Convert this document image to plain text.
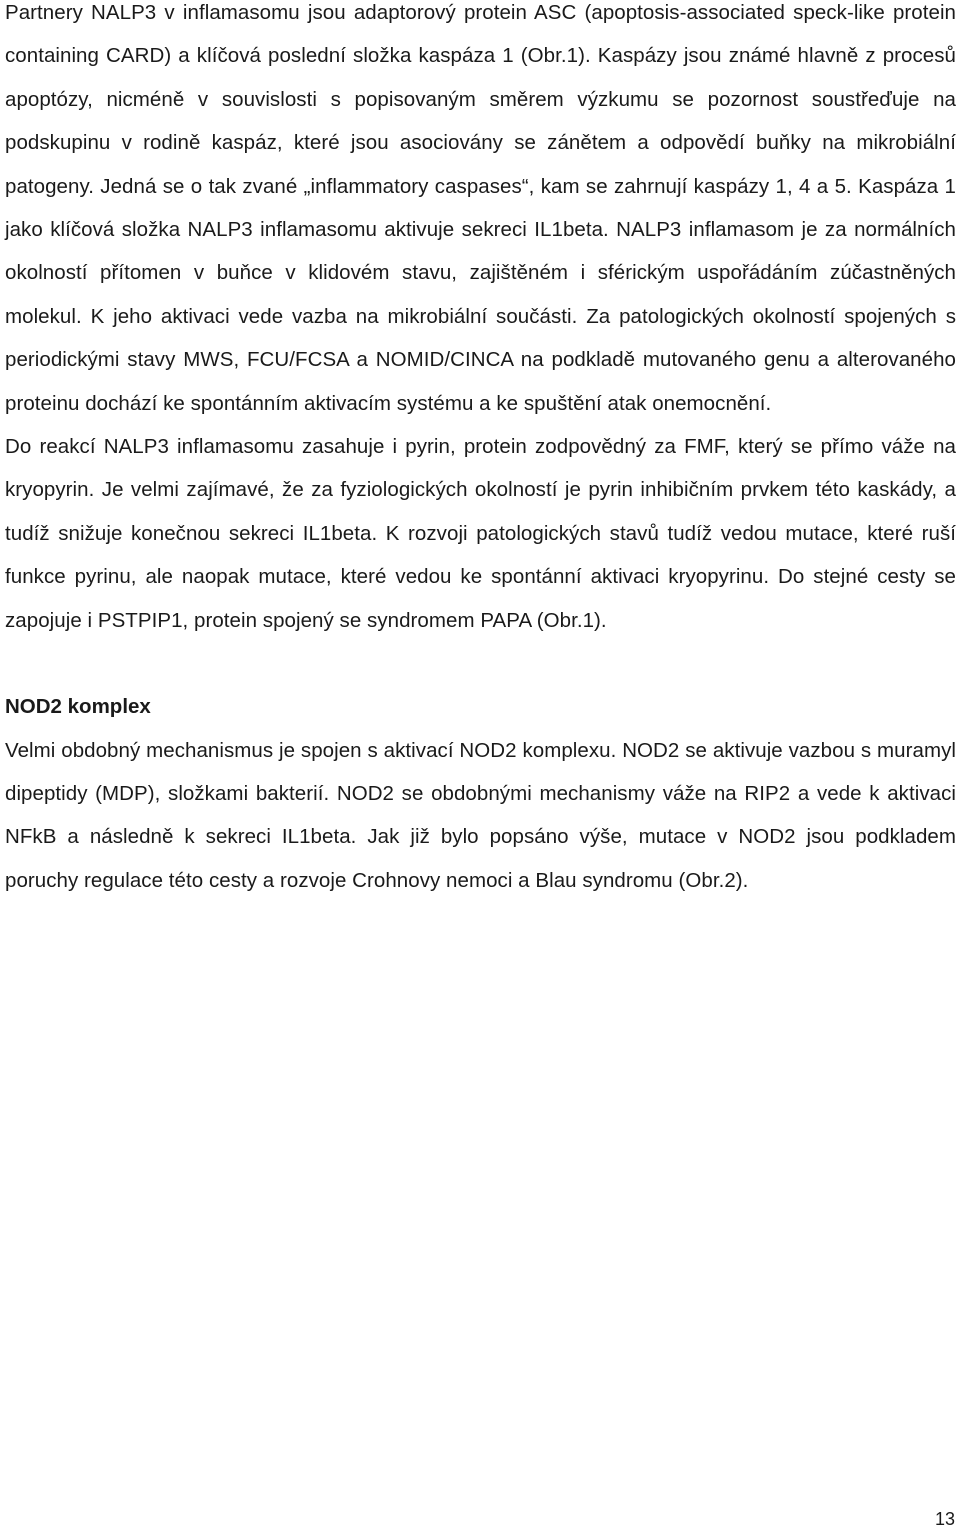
Partnery NALP3 v inflamasomu jsou adaptorový protein ASC (apoptosis-associated speck-like protein containing CARD) a klíčová poslední složka kaspáza 1 (Obr.1). Kaspázy jsou známé hlavně z procesů apoptózy, nicméně v souvislosti s popisovaným směrem výzkumu se pozornost soustřeďuje na podskupinu v rodině kaspáz, které jsou asociovány se zánětem a odpovědí buňky na mikrobiální patogeny. Jedná se o tak zvané „inflammatory caspases“, kam se zahrnují kaspázy 1, 4 a 5. Kaspáza 1 jako klíčová složka NALP3 inflamasomu aktivuje sekreci IL1beta. NALP3 inflamasom je za normálních okolností přítomen v buňce v klidovém stavu, zajištěném i sférickým uspořádáním zúčastněných molekul. K jeho aktivaci vede vazba na mikrobiální součásti. Za patologických okolností spojených s periodickými stavy MWS, FCU/FCSA a NOMID/CINCA na podkladě mutovaného genu a alterovaného proteinu dochází ke spontánním aktivacím systému a ke spuštění atak onemocnění.

Do reakcí NALP3 inflamasomu zasahuje i pyrin, protein zodpovědný za FMF, který se přímo váže na kryopyrin. Je velmi zajímavé, že za fyziologických okolností je pyrin inhibičním prvkem této kaskády, a tudíž snižuje konečnou sekreci IL1beta. K rozvoji patologických stavů tudíž vedou mutace, které ruší funkce pyrinu, ale naopak mutace, které vedou ke spontánní aktivaci kryopyrinu. Do stejné cesty se zapojuje i PSTPIP1, protein spojený se syndromem PAPA (Obr.1).

NOD2 komplex

Velmi obdobný mechanismus je spojen s aktivací NOD2 komplexu. NOD2 se aktivuje vazbou s muramyl dipeptidy (MDP), složkami bakterií. NOD2 se obdobnými mechanismy váže na RIP2 a vede k aktivaci NFkB a následně k sekreci IL1beta. Jak již bylo popsáno výše, mutace v NOD2 jsou podkladem poruchy regulace této cesty a rozvoje Crohnovy nemoci a Blau syndromu (Obr.2).

13
